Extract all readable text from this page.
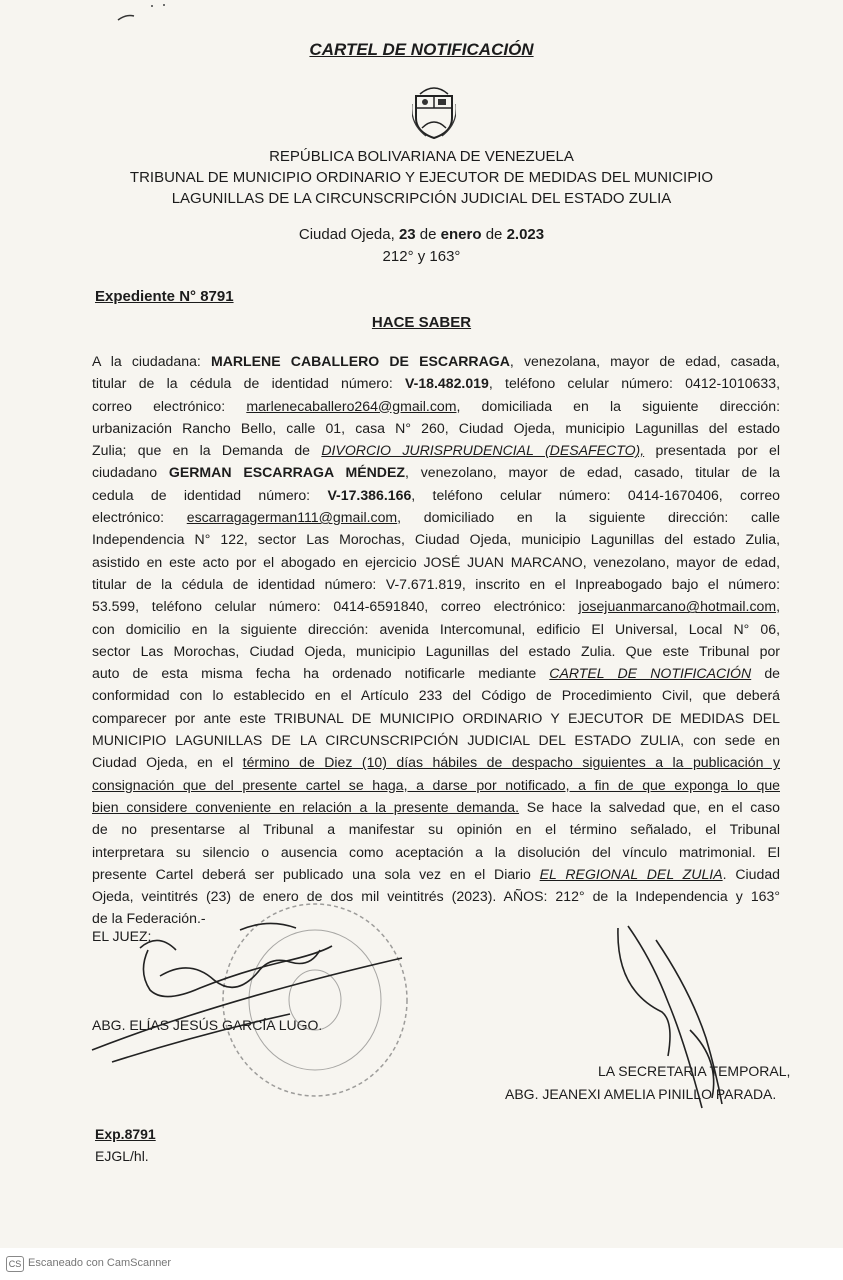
CARTEL DE NOTIFICACIÓN
REPÚBLICA BOLIVARIANA DE VENEZUELA
TRIBUNAL DE MUNICIPIO ORDINARIO Y EJECUTOR DE MEDIDAS DEL MUNICIPIO
LAGUNILLAS DE LA CIRCUNSCRIPCIÓN JUDICIAL DEL ESTADO ZULIA
Ciudad Ojeda, 23 de enero de 2.023
212° y 163°
Expediente N° 8791
HACE SABER
A la ciudadana: MARLENE CABALLERO DE ESCARRAGA, venezolana, mayor de edad, casada,
titular de la cédula de identidad número: V-18.482.019, teléfono celular número: 0412-1010633,
correo electrónico: marlenecaballero264@gmail.com, domiciliada en la siguiente dirección:
urbanización Rancho Bello, calle 01, casa N° 260, Ciudad Ojeda, municipio Lagunillas del estado
Zulia; que en la Demanda de DIVORCIO JURISPRUDENCIAL (DESAFECTO), presentada por el
ciudadano GERMAN ESCARRAGA MÉNDEZ, venezolano, mayor de edad, casado, titular de la
cedula de identidad número: V-17.386.166, teléfono celular número: 0414-1670406, correo
electrónico: escarragagerman111@gmail.com, domiciliado en la siguiente dirección: calle
Independencia N° 122, sector Las Morochas, Ciudad Ojeda, municipio Lagunillas del estado Zulia,
asistido en este acto por el abogado en ejercicio JOSÉ JUAN MARCANO, venezolano, mayor de edad,
titular de la cédula de identidad número: V-7.671.819, inscrito en el Inpreabogado bajo el número:
53.599, teléfono celular número: 0414-6591840, correo electrónico: josejuanmarcano@hotmail.com,
con domicilio en la siguiente dirección: avenida Intercomunal, edificio El Universal, Local N° 06,
sector Las Morochas, Ciudad Ojeda, municipio Lagunillas del estado Zulia. Que este Tribunal por
auto de esta misma fecha ha ordenado notificarle mediante CARTEL DE NOTIFICACIÓN de
conformidad con lo establecido en el Artículo 233 del Código de Procedimiento Civil, que deberá
comparecer por ante este TRIBUNAL DE MUNICIPIO ORDINARIO Y EJECUTOR DE MEDIDAS DEL
MUNICIPIO LAGUNILLAS DE LA CIRCUNSCRIPCIÓN JUDICIAL DEL ESTADO ZULIA, con sede en
Ciudad Ojeda, en el término de Diez (10) días hábiles de despacho siguientes a la publicación y
consignación que del presente cartel se haga, a darse por notificado, a fin de que exponga lo que
bien considere conveniente en relación a la presente demanda. Se hace la salvedad que, en el caso
de no presentarse al Tribunal a manifestar su opinión en el término señalado, el Tribunal
interpretara su silencio o ausencia como aceptación a la disolución del vínculo matrimonial. El
presente Cartel deberá ser publicado una sola vez en el Diario EL REGIONAL DEL ZULIA. Ciudad
Ojeda, veintitrés (23) de enero de dos mil veintitrés (2023). AÑOS: 212° de la Independencia y 163°
de la Federación.-
EL JUEZ;
ABG. ELÍAS JESÚS GARCÍA LUGO.
LA SECRETARIA TEMPORAL,
ABG. JEANEXI AMELIA PINILLO PARADA.
Exp.8791
EJGL/hl.
CS Escaneado con CamScanner
